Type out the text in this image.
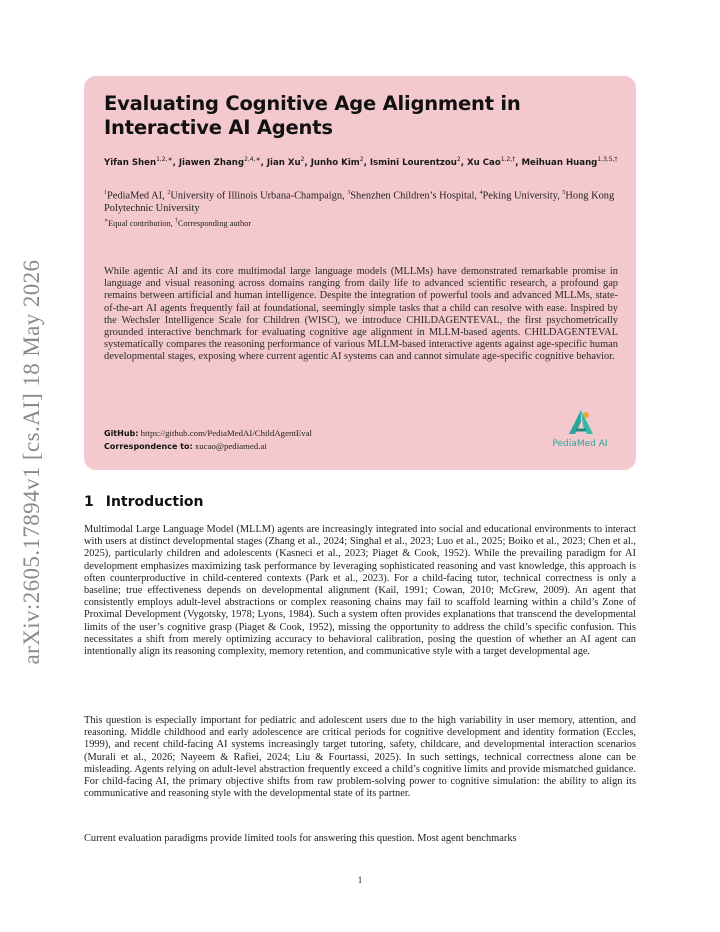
arXiv:2605.17894v1 [cs.AI] 18 May 2026
Evaluating Cognitive Age Alignment in Interactive AI Agents
Yifan Shen$^{1,2,∗}$, Jiawen Zhang$^{2,4,∗}$, Jian Xu$^2$, Junho Kim$^2$, Ismini Lourentzou$^2$, Xu Cao$^{1,2,\dagger}$, Meihuan Huang$^{1,3,5,\dagger}$
$^1$PediaMed AI, $^2$University of Illinois Urbana-Champaign, $^3$Shenzhen Children’s Hospital, $^4$Peking University, $^5$Hong Kong Polytechnic University
∗Equal contribution, †Corresponding author

While agentic AI and its core multimodal large language models (MLLMs) have demonstrated remarkable promise in language and visual reasoning across domains ranging from daily life to advanced scientific research, a profound gap remains between artificial and human intelligence. Despite the integration of powerful tools and advanced MLLMs, state-of-the-art AI agents frequently fail at foundational, seemingly simple tasks that a child can resolve with ease. Inspired by the Wechsler Intelligence Scale for Children (WISC), we introduce CHILDAGENTEVAL, the first psychometrically grounded interactive benchmark for evaluating cognitive age alignment in MLLM-based agents. CHILDAGENTEVAL systematically compares the reasoning performance of various MLLM-based interactive agents against age-specific human developmental stages, exposing where current agentic AI systems can and cannot simulate age-specific cognitive behavior.

GitHub: https://github.com/PediaMedAI/ChildAgentEval
Correspondence to: xucao@pediamed.ai	PediaMed AI
1 Introduction

Multimodal Large Language Model (MLLM) agents are increasingly integrated into social and educational environments to interact with users at distinct developmental stages (Zhang et al., 2024; Singhal et al., 2023; Luo et al., 2025; Boiko et al., 2023; Chen et al., 2025), particularly children and adolescents (Kasneci et al., 2023; Piaget & Cook, 1952). While the prevailing paradigm for AI development emphasizes maximizing task performance by leveraging sophisticated reasoning and vast knowledge, this approach is often counterproductive in child-centered contexts (Park et al., 2023). For a child-facing tutor, technical correctness is only a baseline; true effectiveness depends on developmental alignment (Kail, 1991; Cowan, 2010; McGrew, 2009). An agent that consistently employs adult-level abstractions or complex reasoning chains may fail to scaffold learning within a child’s Zone of Proximal Development (Vygotsky, 1978; Lyons, 1984). Such a system often provides explanations that transcend the developmental limits of the user’s cognitive grasp (Piaget & Cook, 1952), missing the opportunity to address the child’s specific confusion. This necessitates a shift from merely optimizing accuracy to behavioral calibration, posing the question of whether an AI agent can intentionally align its reasoning complexity, memory retention, and communicative style with a target developmental age.

This question is especially important for pediatric and adolescent users due to the high variability in user memory, attention, and reasoning. Middle childhood and early adolescence are critical periods for cognitive development and identity formation (Eccles, 1999), and recent child-facing AI systems increasingly target tutoring, safety, childcare, and developmental interaction scenarios (Murali et al., 2026; Nayeem & Rafiei, 2024; Liu & Fourtassi, 2025). In such settings, technical correctness alone can be misleading. Agents relying on adult-level abstraction frequently exceed a child’s cognitive limits and provide mismatched guidance. For child-facing AI, the primary objective shifts from raw problem-solving power to cognitive simulation: the ability to align its communicative and reasoning style with the developmental state of its partner.

Current evaluation paradigms provide limited tools for answering this question. Most agent benchmarks

1
